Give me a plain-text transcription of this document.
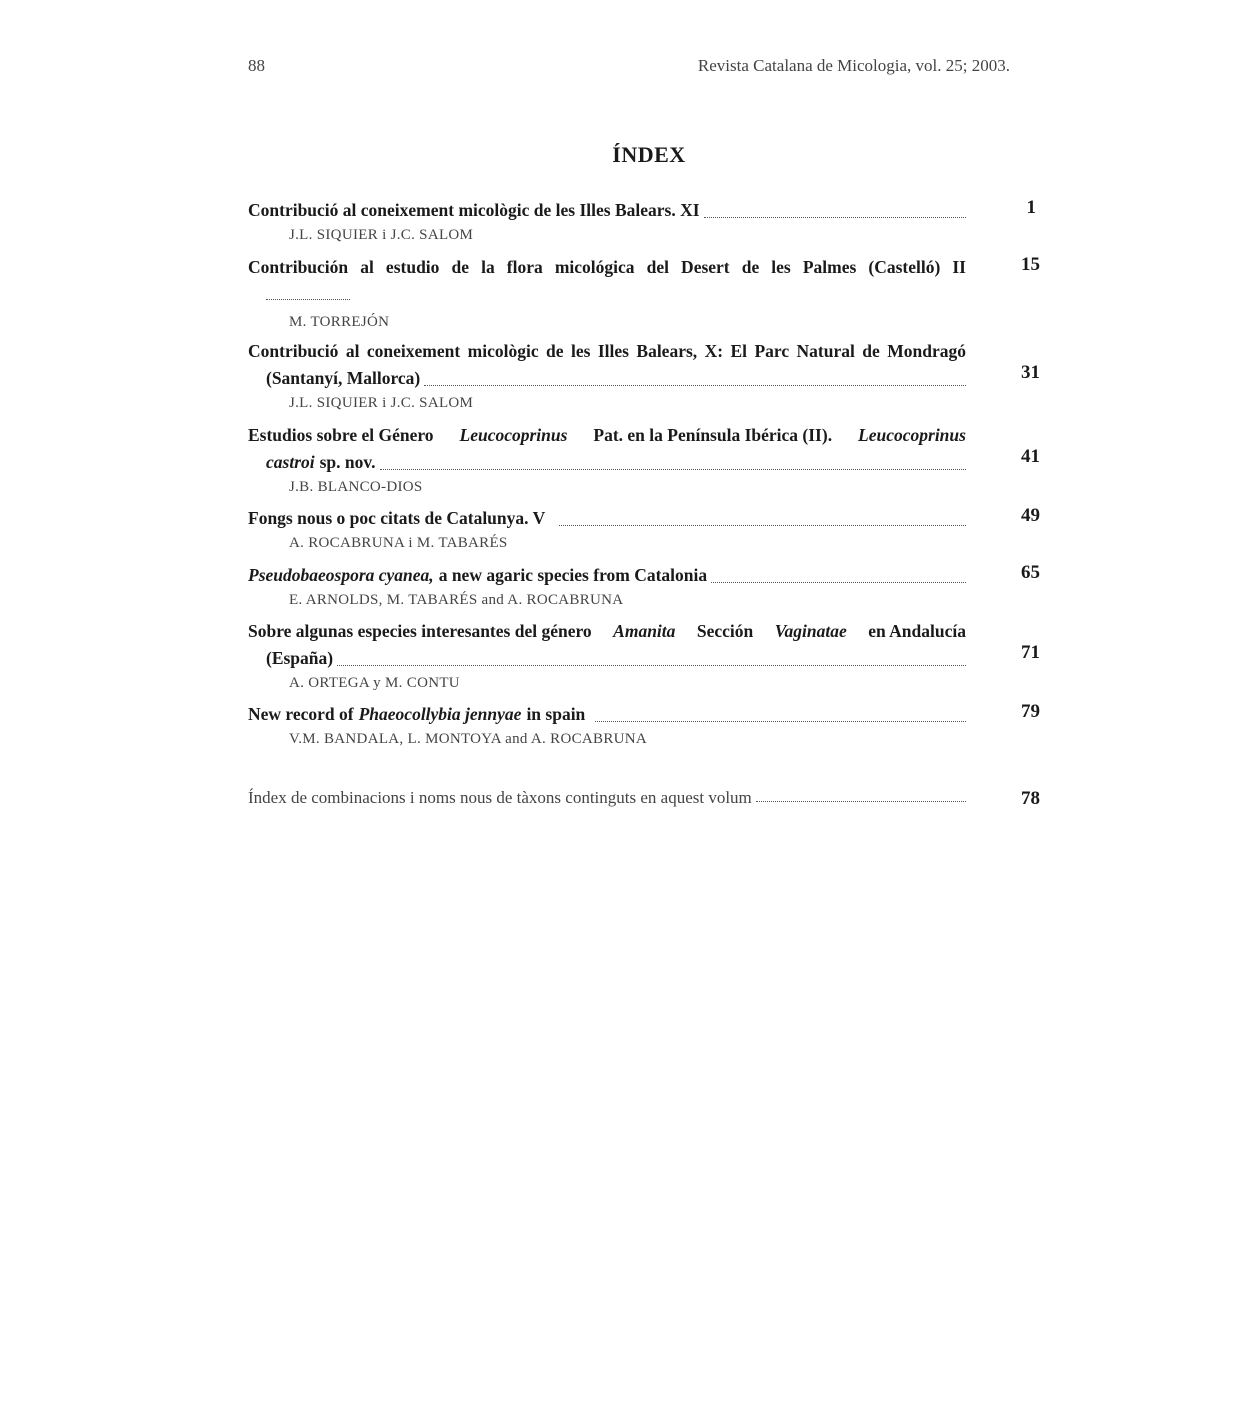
88	Revista Catalana de Micologia, vol. 25; 2003.
ÍNDEX
Contribució al coneixement micològic de les Illes Balears. XI
J.L. SIQUIER i J.C. SALOM
1
Contribución al estudio de la flora micológica del Desert de les Palmes (Castelló) II
M. TORREJÓN
15
Contribució al coneixement micològic de les Illes Balears, X: El Parc Natural de Mondragó
(Santanyí, Mallorca)
J.L. SIQUIER i J.C. SALOM
31
Estudios sobre el Género Leucocoprinus Pat. en la Península Ibérica (II). Leucocoprinus
castroi sp. nov.
J.B. BLANCO-DIOS
41
Fongs nous o poc citats de Catalunya. V
A. ROCABRUNA i M. TABARÉS
49
Pseudobaeospora cyanea, a new agaric species from Catalonia
E. ARNOLDS, M. TABARÉS and A. ROCABRUNA
65
Sobre algunas especies interesantes del género Amanita Sección Vaginatae en Andalucía
(España)
A. ORTEGA y M. CONTU
71
New record of Phaeocollybia jennyae in spain
V.M. BANDALA, L. MONTOYA and A. ROCABRUNA
79
Índex de combinacions i noms nous de tàxons continguts en aquest volum	78
